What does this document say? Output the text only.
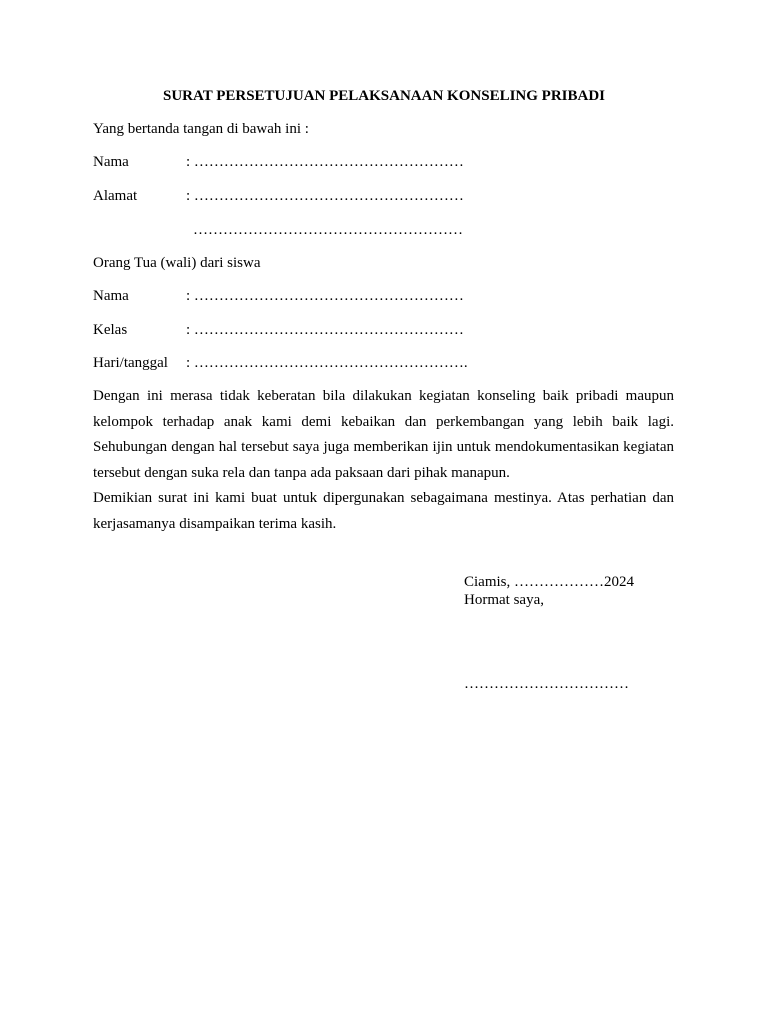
SURAT PERSETUJUAN PELAKSANAAN KONSELING PRIBADI
Yang bertanda tangan di bawah ini :
Nama	: ………………………………………………
Alamat	: ………………………………………………
………………………………………………
Orang Tua (wali) dari siswa
Nama	: ………………………………………………
Kelas	: ………………………………………………
Hari/tanggal : ……………………………………………….

Dengan ini merasa tidak keberatan bila dilakukan kegiatan konseling baik pribadi maupun kelompok terhadap anak kami demi kebaikan dan perkembangan yang lebih baik lagi. Sehubungan dengan hal tersebut saya juga memberikan ijin untuk mendokumentasikan kegiatan tersebut dengan suka rela dan tanpa ada paksaan dari pihak manapun.

Demikian surat ini kami buat untuk dipergunakan sebagaimana mestinya. Atas perhatian dan kerjasamanya disampaikan terima kasih.

Ciamis, ………………2024
Hormat saya,
……………………………
